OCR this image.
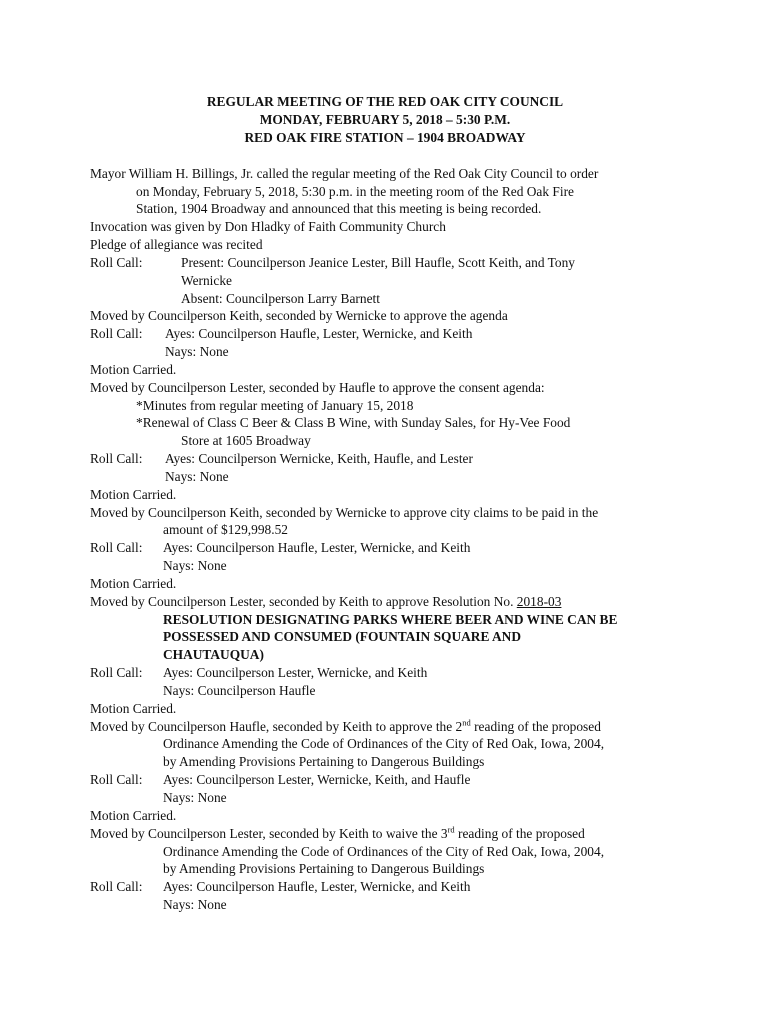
REGULAR MEETING OF THE RED OAK CITY COUNCIL
MONDAY, FEBRUARY 5, 2018 – 5:30 P.M.
RED OAK FIRE STATION – 1904 BROADWAY
Mayor William H. Billings, Jr. called the regular meeting of the Red Oak City Council to order
on Monday, February 5, 2018, 5:30 p.m. in the meeting room of the Red Oak Fire
Station, 1904 Broadway and announced that this meeting is being recorded.
Invocation was given by Don Hladky of Faith Community Church
Pledge of allegiance was recited
Roll Call:	Present: Councilperson Jeanice Lester, Bill Haufle, Scott Keith, and Tony
Wernicke
Absent: Councilperson Larry Barnett
Moved by Councilperson Keith, seconded by Wernicke to approve the agenda
Roll Call: Ayes: Councilperson Haufle, Lester, Wernicke, and Keith
Nays: None
Motion Carried.
Moved by Councilperson Lester, seconded by Haufle to approve the consent agenda:
*Minutes from regular meeting of January 15, 2018
*Renewal of Class C Beer & Class B Wine, with Sunday Sales, for Hy-Vee Food
Store at 1605 Broadway
Roll Call: Ayes: Councilperson Wernicke, Keith, Haufle, and Lester
Nays: None
Motion Carried.
Moved by Councilperson Keith, seconded by Wernicke to approve city claims to be paid in the
amount of $129,998.52
Roll Call: Ayes: Councilperson Haufle, Lester, Wernicke, and Keith
Nays: None
Motion Carried.
Moved by Councilperson Lester, seconded by Keith to approve Resolution No. 2018-03
RESOLUTION DESIGNATING PARKS WHERE BEER AND WINE CAN BE
POSSESSED AND CONSUMED (FOUNTAIN SQUARE AND
CHAUTAUQUA)
Roll Call: Ayes: Councilperson Lester, Wernicke, and Keith
Nays: Councilperson Haufle
Motion Carried.
Moved by Councilperson Haufle, seconded by Keith to approve the 2nd reading of the proposed
Ordinance Amending the Code of Ordinances of the City of Red Oak, Iowa, 2004,
by Amending Provisions Pertaining to Dangerous Buildings
Roll Call: Ayes: Councilperson Lester, Wernicke, Keith, and Haufle
Nays: None
Motion Carried.
Moved by Councilperson Lester, seconded by Keith to waive the 3rd reading of the proposed
Ordinance Amending the Code of Ordinances of the City of Red Oak, Iowa, 2004,
by Amending Provisions Pertaining to Dangerous Buildings
Roll Call: Ayes: Councilperson Haufle, Lester, Wernicke, and Keith
Nays: None
